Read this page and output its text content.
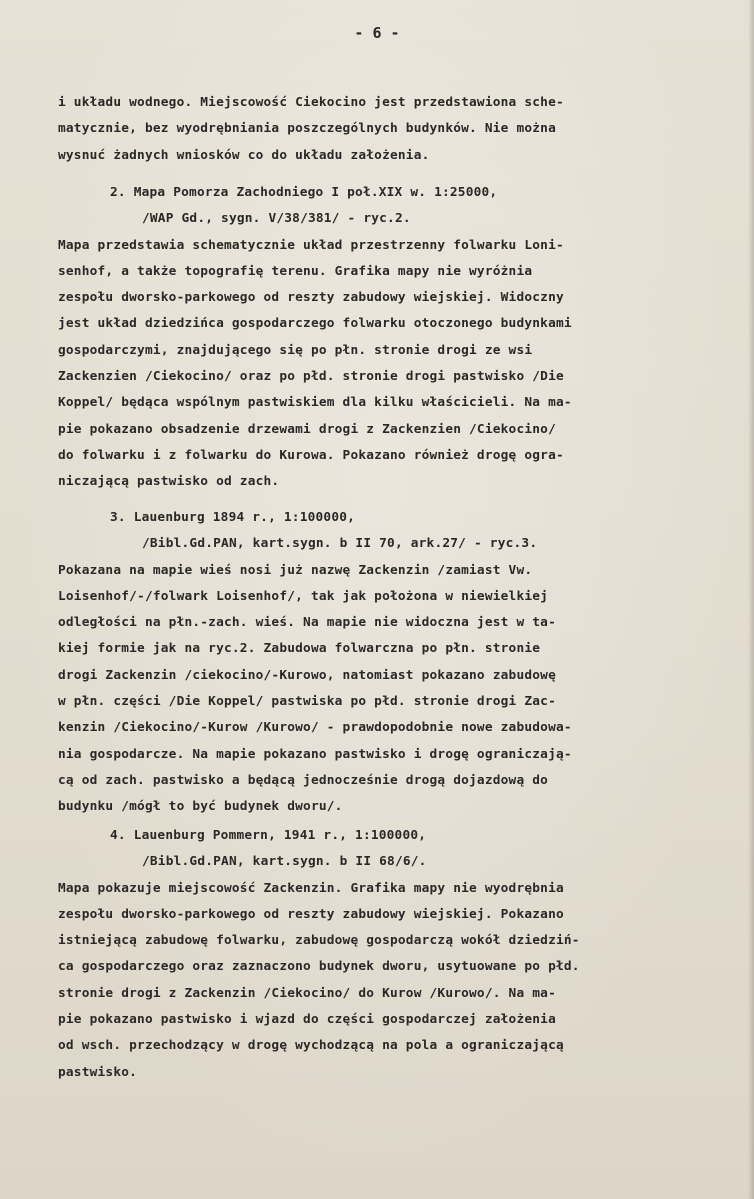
- 6 -
i układu wodnego. Miejscowość Ciekocino jest przedstawiona sche-
matycznie, bez wyodrębniania poszczególnych budynków. Nie można
wysnuć żadnych wniosków co do układu założenia.
2. Mapa Pomorza Zachodniego I poł.XIX w. 1:25000,
/WAP Gd., sygn. V/38/381/ - ryc.2.
Mapa przedstawia schematycznie układ przestrzenny folwarku Loni-
senhof, a także topografię terenu. Grafika mapy nie wyróżnia
zespołu dworsko-parkowego od reszty zabudowy wiejskiej. Widoczny
jest układ dziedzińca gospodarczego folwarku otoczonego budynkami
gospodarczymi, znajdującego się po płn. stronie drogi ze wsi
Zackenzien /Ciekocino/ oraz po płd. stronie drogi pastwisko /Die
Koppel/ będąca wspólnym pastwiskiem dla kilku właścicieli. Na ma-
pie pokazano obsadzenie drzewami drogi z Zackenzien /Ciekocino/
do folwarku i z folwarku do Kurowa. Pokazano również drogę ogra-
niczającą pastwisko od zach.
3. Lauenburg 1894 r., 1:100000,
/Bibl.Gd.PAN, kart.sygn. b II 70, ark.27/ - ryc.3.
Pokazana na mapie wieś nosi już nazwę Zackenzin /zamiast Vw.
Loisenhof/-/folwark Loisenhof/, tak jak położona w niewielkiej
odległości na płn.-zach. wieś. Na mapie nie widoczna jest w ta-
kiej formie jak na ryc.2. Zabudowa folwarczna po płn. stronie
drogi Zackenzin /ciekocino/-Kurowo, natomiast pokazano zabudowę
w płn. części /Die Koppel/ pastwiska po płd. stronie drogi Zac-
kenzin /Ciekocino/-Kurow /Kurowo/ - prawdopodobnie nowe zabudowa-
nia gospodarcze. Na mapie pokazano pastwisko i drogę ograniczają-
cą od zach. pastwisko a będącą jednocześnie drogą dojazdową do
budynku /mógł to być budynek dworu/.
4. Lauenburg Pommern, 1941 r., 1:100000,
/Bibl.Gd.PAN, kart.sygn. b II 68/6/.
Mapa pokazuje miejscowość Zackenzin. Grafika mapy nie wyodrębnia
zespołu dworsko-parkowego od reszty zabudowy wiejskiej. Pokazano
istniejącą zabudowę folwarku, zabudowę gospodarczą wokół dziedziń-
ca gospodarczego oraz zaznaczono budynek dworu, usytuowane po płd.
stronie drogi z Zackenzin /Ciekocino/ do Kurow /Kurowo/. Na ma-
pie pokazano pastwisko i wjazd do części gospodarczej założenia
od wsch. przechodzący w drogę wychodzącą na pola a ograniczającą
pastwisko.
